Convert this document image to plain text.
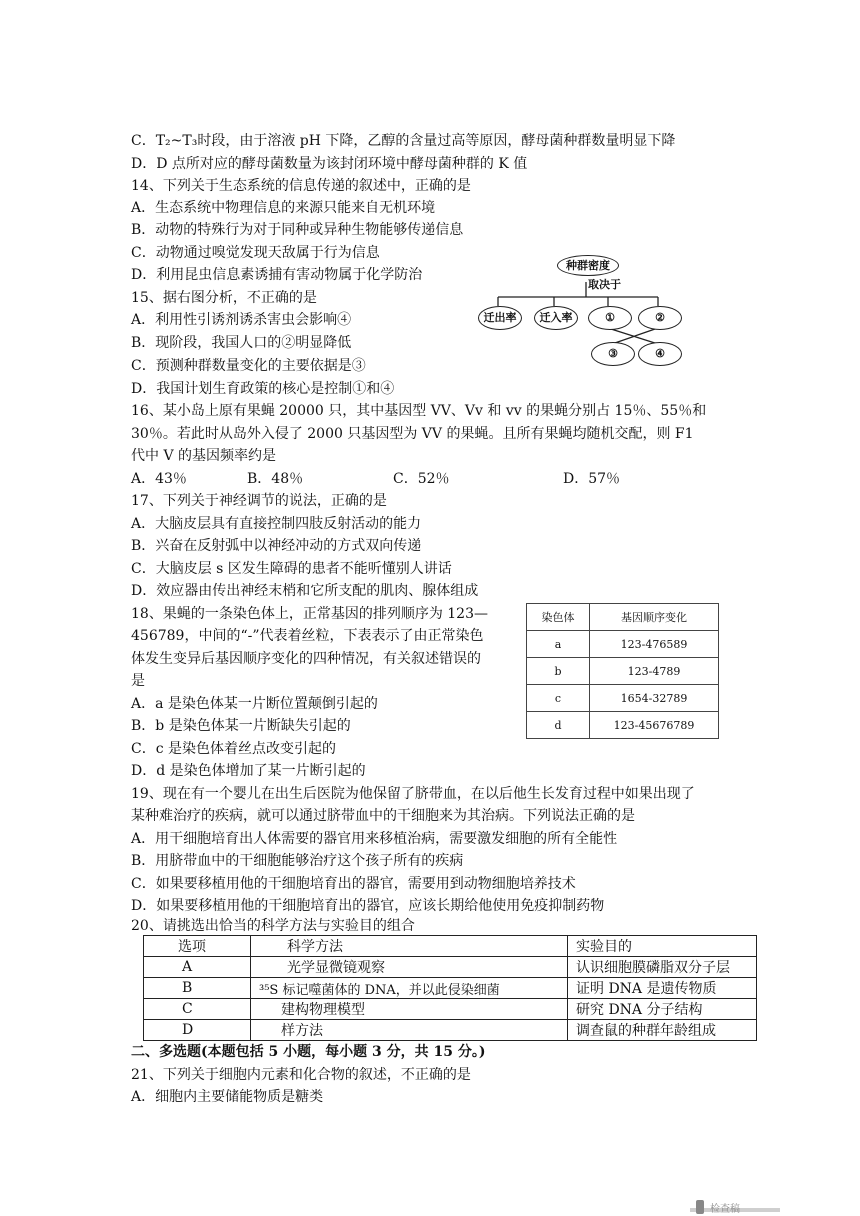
C．T₂~T₃时段，由于溶液 pH 下降，乙醇的含量过高等原因，酵母菌种群数量明显下降
D．D 点所对应的酵母菌数量为该封闭环境中酵母菌种群的 K 值
14、下列关于生态系统的信息传递的叙述中，正确的是
A．生态系统中物理信息的来源只能来自无机环境
B．动物的特殊行为对于同种或异种生物能够传递信息
C．动物通过嗅觉发现天敌属于行为信息
D．利用昆虫信息素诱捕有害动物属于化学防治
15、据右图分析，不正确的是
A．利用性引诱剂诱杀害虫会影响④
B．现阶段，我国人口的②明显降低
C．预测种群数量变化的主要依据是③
D．我国计划生育政策的核心是控制①和④
16、某小岛上原有果蝇 20000 只，其中基因型 VV、Vv 和 vv 的果蝇分别占 15％、55％和
30％。若此时从岛外入侵了 2000 只基因型为 VV 的果蝇。且所有果蝇均随机交配，则 F1
代中 V 的基因频率约是
17、下列关于神经调节的说法，正确的是
A．大脑皮层具有直接控制四肢反射活动的能力
B．兴奋在反射弧中以神经冲动的方式双向传递
C．大脑皮层 s 区发生障碍的患者不能听懂别人讲话
D．效应器由传出神经末梢和它所支配的肌肉、腺体组成
18、果蝇的一条染色体上，正常基因的排列顺序为 123—
456789，中间的“-”代表着丝粒，下表表示了由正常染色
体发生变异后基因顺序变化的四种情况，有关叙述错误的
是
A．a 是染色体某一片断位置颠倒引起的
B．b 是染色体某一片断缺失引起的
C．c 是染色体着丝点改变引起的
D．d 是染色体增加了某一片断引起的
19、现在有一个婴儿在出生后医院为他保留了脐带血，在以后他生长发育过程中如果出现了
某种难治疗的疾病，就可以通过脐带血中的干细胞来为其治病。下列说法正确的是
A．用干细胞培育出人体需要的器官用来移植治病，需要激发细胞的所有全能性
B．用脐带血中的干细胞能够治疗这个孩子所有的疾病
C．如果要移植用他的干细胞培育出的器官，需要用到动物细胞培养技术
D．如果要移植用他的干细胞培育出的器官，应该长期给他使用免疫抑制药物
20、请挑选出恰当的科学方法与实验目的组合
二、多选题(本题包括 5 小题，每小题 3 分，共 15 分。)
21、下列关于细胞内元素和化合物的叙述，不正确的是
A．细胞内主要储能物质是糖类
A．43％	B．48％	C．52％	D．57％
种群密度
取决于
迁出率	迁入率	①	②
③	④
染色体	基因顺序变化
a	123-476589
b	123-4789
c	1654-32789
d	123-45676789
选项	科学方法	实验目的
A	光学显微镜观察	认识细胞膜磷脂双分子层
B	³⁵S 标记噬菌体的 DNA，并以此侵染细菌	证明 DNA 是遗传物质
C	建构物理模型	研究 DNA 分子结构
D	样方法	调查鼠的种群年龄组成
检查稿
